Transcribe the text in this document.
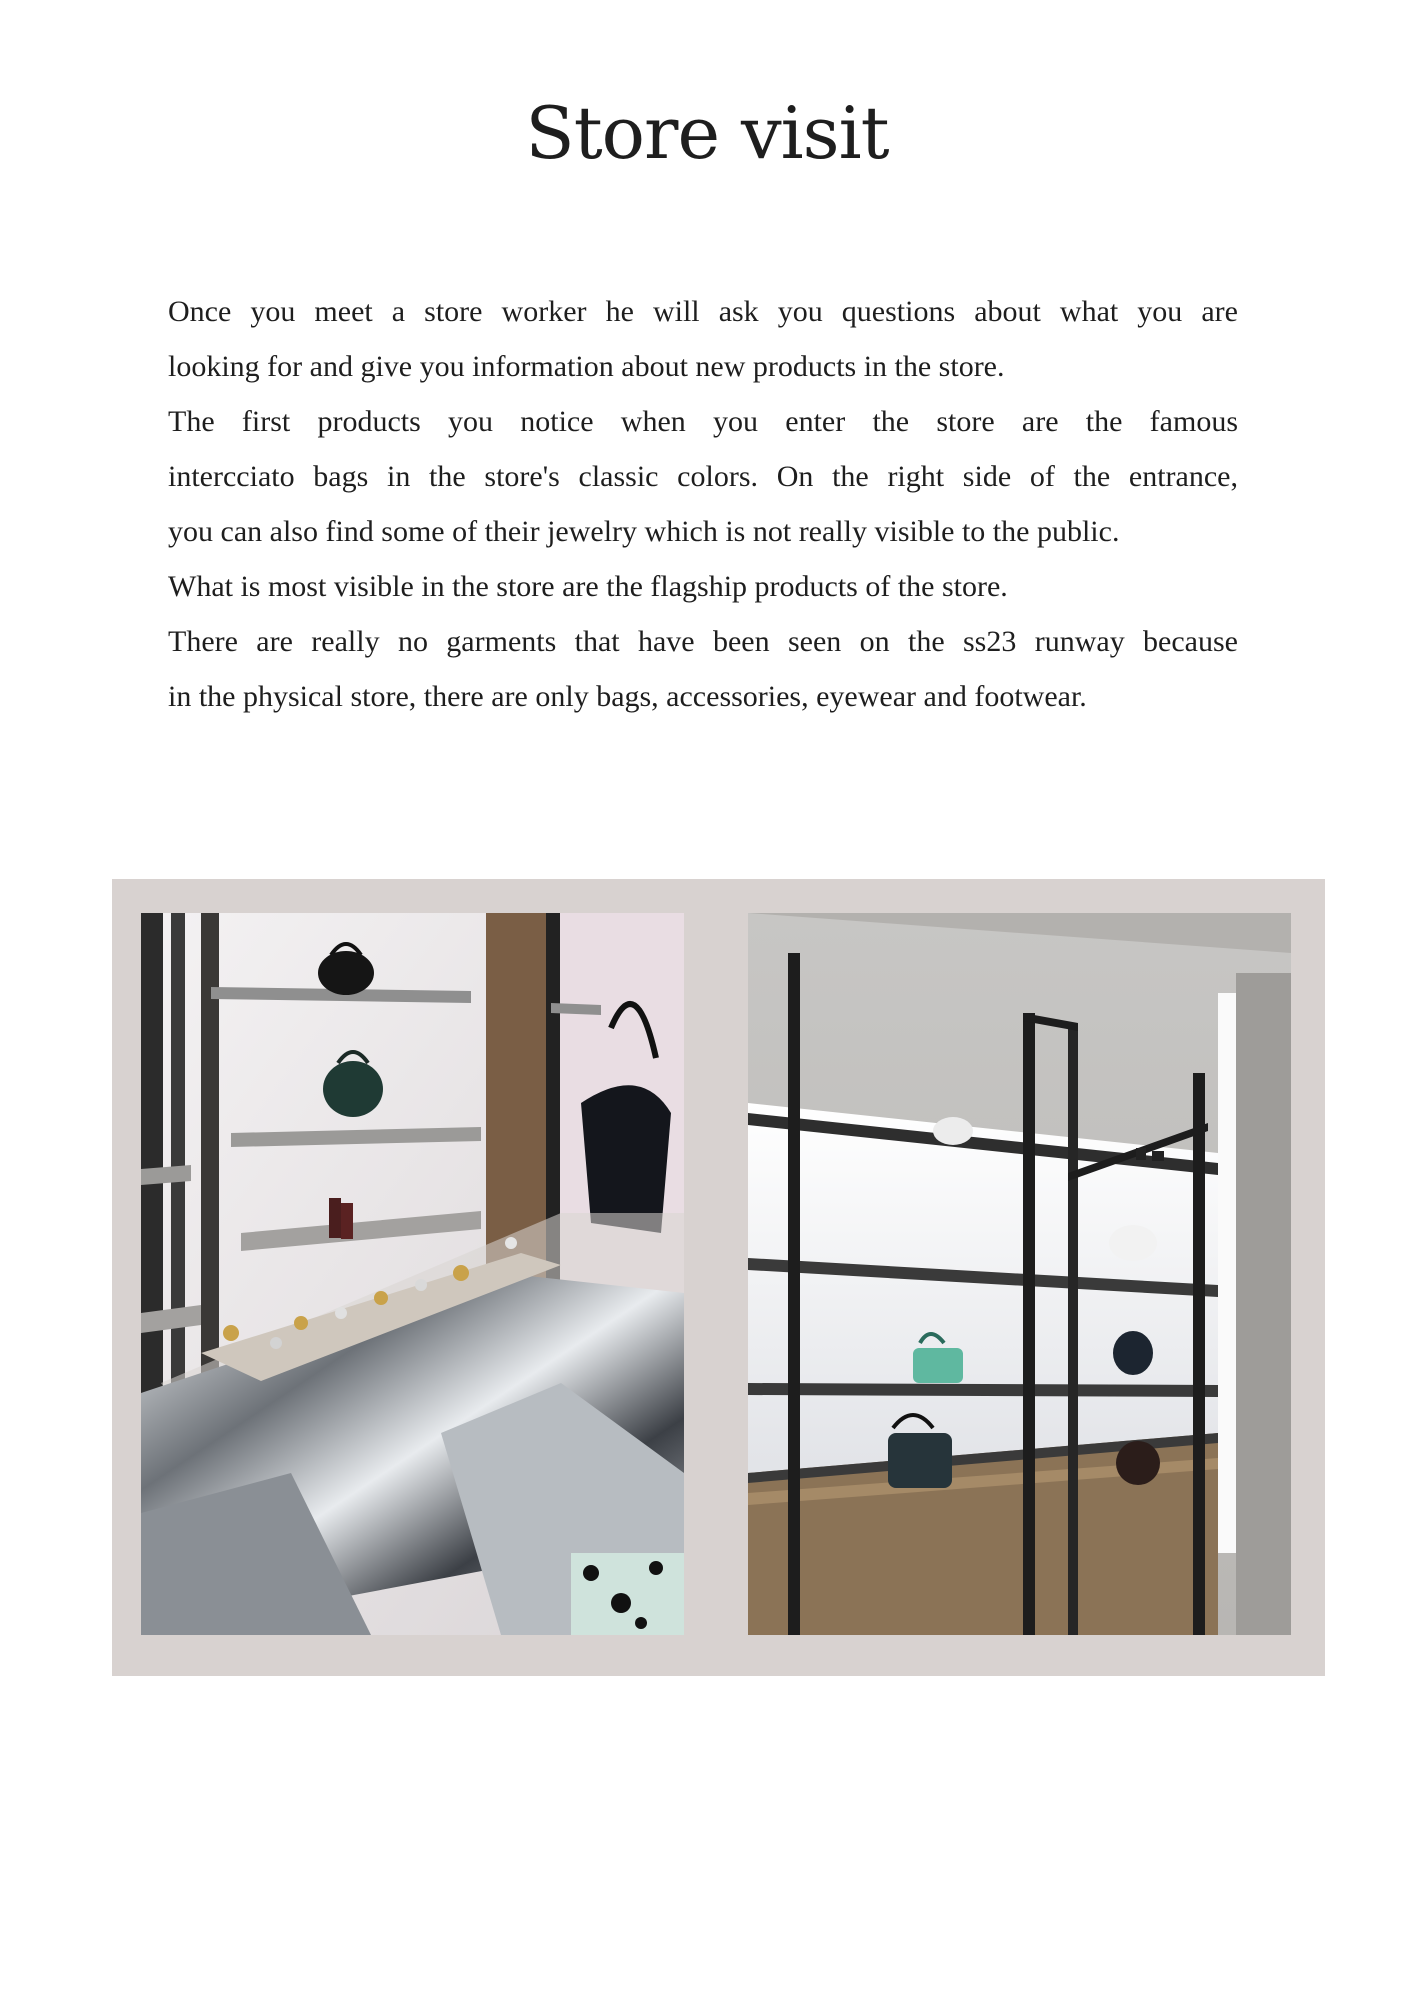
Store visit
Once you meet a store worker he will ask you questions about what you are
looking for and give you information about new products in the store.
The first products you notice when you enter the store are the famous
intercciato bags in the store's classic colors. On the right side of the entrance,
you can also find some of their jewelry which is not really visible to the public.
What is most visible in the store are the flagship products of the store.
There are really no garments that have been seen on the ss23 runway because
in the physical store, there are only bags, accessories, eyewear and footwear.
